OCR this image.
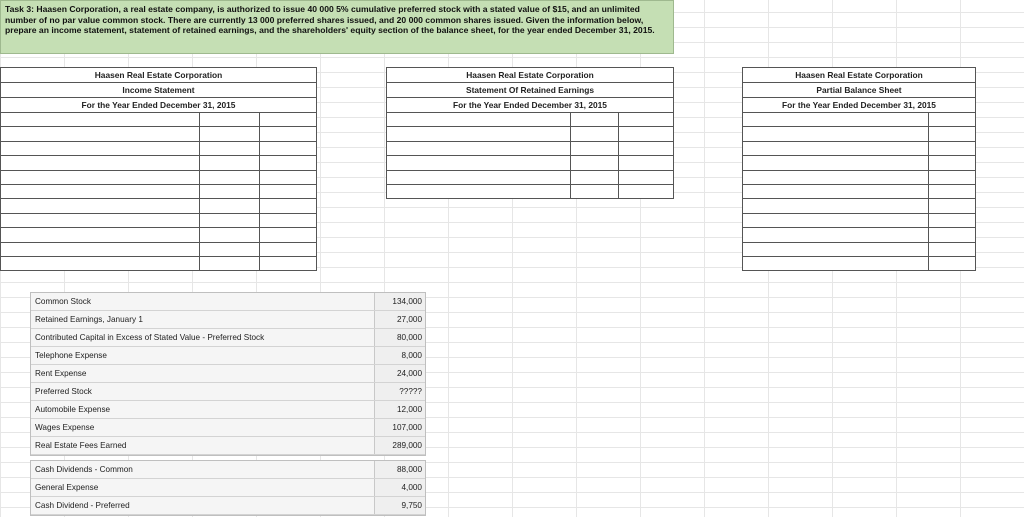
Task 3: Haasen Corporation, a real estate company, is authorized to issue 40 000 5% cumulative preferred stock with a stated value of $15, and an unlimited number of no par value common stock. There are currently 13 000 preferred shares issued, and 20 000 common shares issued. Given the information below, prepare an income statement, statement of retained earnings, and the shareholders' equity section of the balance sheet, for the year ended December 31, 2015.
Haasen Real Estate Corporation
Income Statement
For the Year Ended December 31, 2015
Haasen Real Estate Corporation
Statement Of Retained Earnings
For the Year Ended December 31, 2015
Haasen Real Estate Corporation
Partial Balance Sheet
For the Year Ended December 31, 2015
Common Stock	134,000
Retained Earnings, January 1	27,000
Contributed Capital in Excess of Stated Value - Preferred Stock	80,000
Telephone Expense	8,000
Rent Expense	24,000
Preferred Stock	?????
Automobile Expense	12,000
Wages Expense	107,000
Real Estate Fees Earned	289,000
Cash Dividends - Common	88,000
General Expense	4,000
Cash Dividend - Preferred	9,750
